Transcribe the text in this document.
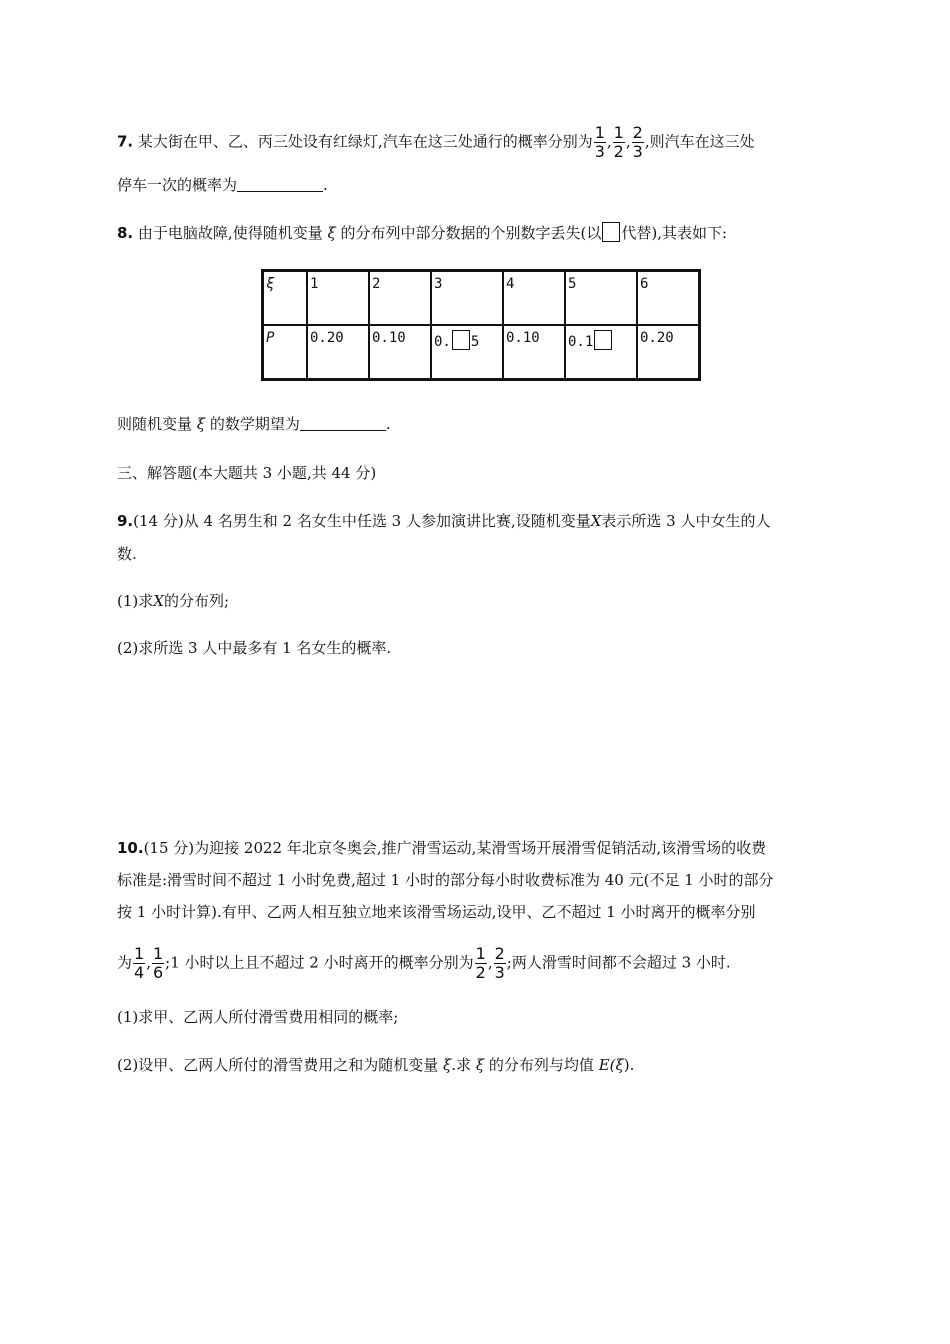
7. 某大街在甲、乙、丙三处设有红绿灯,汽车在这三处通行的概率分别为 $\frac{1}{3}$ , $\frac{1}{2}$ , $\frac{2}{3}$ ,则汽车在这三处
停车一次的概率为	.
8. 由于电脑故障,使得随机变量 ξ 的分布列中部分数据的个别数字丢失(以 代替),其表如下:
ξ	1	2	3	4	5	6
P	0.20	0.10	0. 5	0.10	0.1	0.20
则随机变量 ξ 的数学期望为	.
三、解答题(本大题共 3 小题,共 44 分)
9.(14 分)从 4 名男生和 2 名女生中任选 3 人参加演讲比赛,设随机变量X表示所选 3 人中女生的人
数.
(1)求X的分布列;
(2)求所选 3 人中最多有 1 名女生的概率.
10.(15 分)为迎接 2022 年北京冬奥会,推广滑雪运动,某滑雪场开展滑雪促销活动,该滑雪场的收费
标准是:滑雪时间不超过 1 小时免费,超过 1 小时的部分每小时收费标准为 40 元(不足 1 小时的部分
按 1 小时计算).有甲、乙两人相互独立地来该滑雪场运动,设甲、乙不超过 1 小时离开的概率分别
为 $\frac{1}{4}$ , $\frac{1}{6}$ ;1 小时以上且不超过 2 小时离开的概率分别为 $\frac{1}{2}$ , $\frac{2}{3}$ ;两人滑雪时间都不会超过 3 小时.
(1)求甲、乙两人所付滑雪费用相同的概率;
(2)设甲、乙两人所付的滑雪费用之和为随机变量 ξ.求 ξ 的分布列与均值 E(ξ).
